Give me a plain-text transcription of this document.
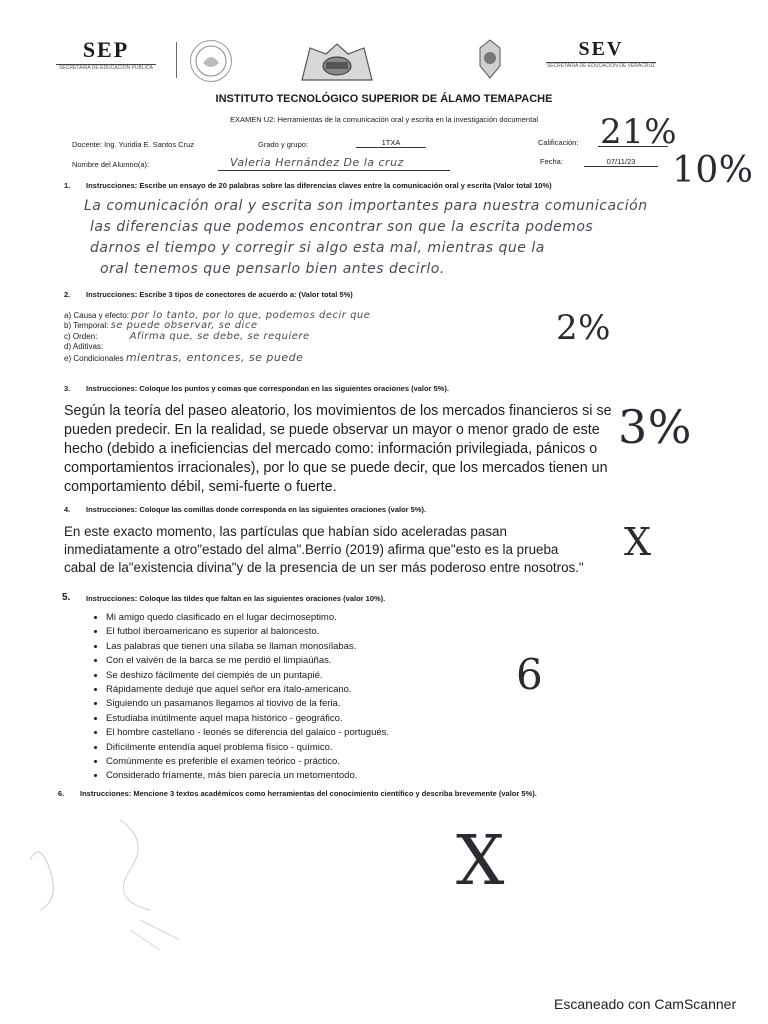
SEP
SECRETARÍA DE EDUCACIÓN PÚBLICA
SEV
SECRETARÍA DE EDUCACIÓN DE VERACRUZ
INSTITUTO TECNOLÓGICO SUPERIOR DE ÁLAMO TEMAPACHE
EXAMEN U2: Herramientas de la comunicación oral y escrita en la investigación documental
Docente: Ing. Yuridia E. Santos Cruz	Grado y grupo:	1TXA	Calificación: 21%
Nombre del Alumno(a):	Valeria Hernández De la cruz	Fecha:	07/11/23
1. Instrucciones: Escribe un ensayo de 20 palabras sobre las diferencias claves entre la comunicación oral y escrita (Valor total 10%)	10%
La comunicación oral y escrita son importantes para nuestra comunicación
las diferencias que podemos encontrar son que la escrita podemos
darnos el tiempo y corregir si algo esta mal, mientras que la
oral tenemos que pensarlo bien antes decirlo.
2. Instrucciones: Escribe 3 tipos de conectores de acuerdo a: (Valor total 5%)
a) Causa y efecto: por lo tanto, por lo que, podemos decir que
b) Temporal: se puede observar, se dice
c) Orden:	Afirma que, se debe, se requiere
d) Aditivas:
e) Condicionales mientras, entonces, se puede
2%
3. Instrucciones: Coloque los puntos y comas que correspondan en las siguientes oraciones (valor 5%).
Según la teoría del paseo aleatorio, los movimientos de los mercados financieros si se
pueden predecir. En la realidad, se puede observar un mayor o menor grado de este
hecho (debido a ineficiencias del mercado como: información privilegiada, pánicos o
comportamientos irracionales), por lo que se puede decir, que los mercados tienen un
comportamiento débil, semi-fuerte o fuerte.
3%
4. Instrucciones: Coloque las comillas donde corresponda en las siguientes oraciones (valor 5%).
En este exacto momento, las partículas que habían sido aceleradas pasan
inmediatamente a otro"estado del alma".Berrío (2019) afirma que"esto es la prueba
cabal de la"existencia divina"y de la presencia de un ser más poderoso entre nosotros."
X
5. Instrucciones: Coloque las tildes que faltan en las siguientes oraciones (valor 10%).
• Mi amigo quedo clasificado en el lugar decimoseptimo.
• El futbol iberoamericano es superior al baloncesto.
• Las palabras que tienen una sílaba se llaman monosílabas.
• Con el vaivén de la barca se me perdió el limpiaúñas.
• Se deshizo fácilmente del ciempiés de un puntapié.
• Rápidamente dedujé que aquel señor era ítalo-americano.
• Siguiendo un pasamanos llegamos al tiovivo de la feria.
• Estudiaba inútilmente aquel mapa histórico - geográfico.
• El hombre castellano - leonés se diferencia del galaico - portugués.
• Difícilmente entendía aquel problema físico - químico.
• Comúnmente es preferible el examen teórico - práctico.
• Considerado fríamente, más bien parecía un metomentodo.
6
6. Instrucciones: Mencione 3 textos académicos como herramientas del conocimiento científico y describa brevemente (valor 5%).
X
Escaneado con CamScanner
